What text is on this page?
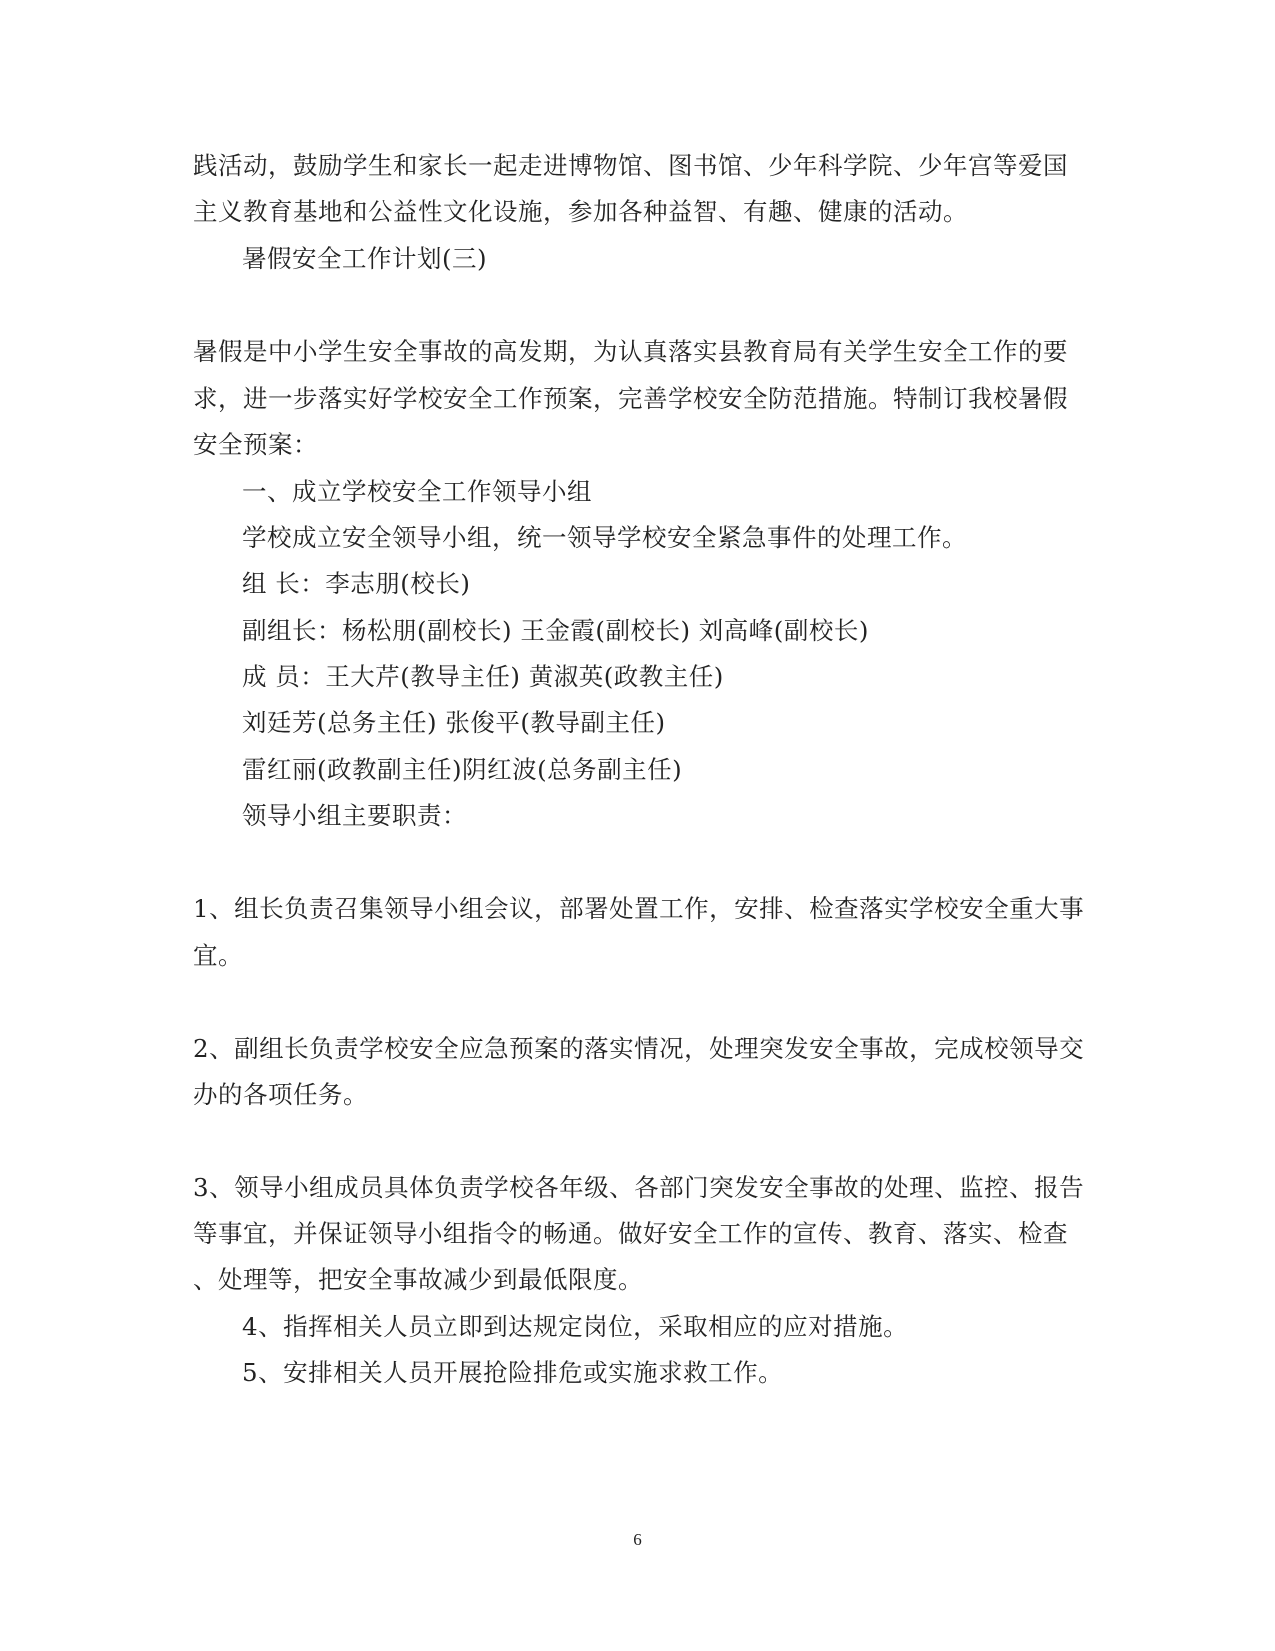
践活动，鼓励学生和家长一起走进博物馆、图书馆、少年科学院、少年宫等爱国
主义教育基地和公益性文化设施，参加各种益智、有趣、健康的活动。
暑假安全工作计划(三)
暑假是中小学生安全事故的高发期，为认真落实县教育局有关学生安全工作的要
求，进一步落实好学校安全工作预案，完善学校安全防范措施。特制订我校暑假
安全预案：
一、成立学校安全工作领导小组
学校成立安全领导小组，统一领导学校安全紧急事件的处理工作。
组 长：李志朋(校长)
副组长：杨松朋(副校长) 王金霞(副校长) 刘高峰(副校长)
成 员：王大芹(教导主任) 黄淑英(政教主任)
刘廷芳(总务主任) 张俊平(教导副主任)
雷红丽(政教副主任)阴红波(总务副主任)
领导小组主要职责：
1、组长负责召集领导小组会议，部署处置工作，安排、检查落实学校安全重大事
宜。
2、副组长负责学校安全应急预案的落实情况，处理突发安全事故，完成校领导交
办的各项任务。
3、领导小组成员具体负责学校各年级、各部门突发安全事故的处理、监控、报告
等事宜，并保证领导小组指令的畅通。做好安全工作的宣传、教育、落实、检查
、处理等，把安全事故减少到最低限度。
4、指挥相关人员立即到达规定岗位，采取相应的应对措施。
5、安排相关人员开展抢险排危或实施求救工作。
6
